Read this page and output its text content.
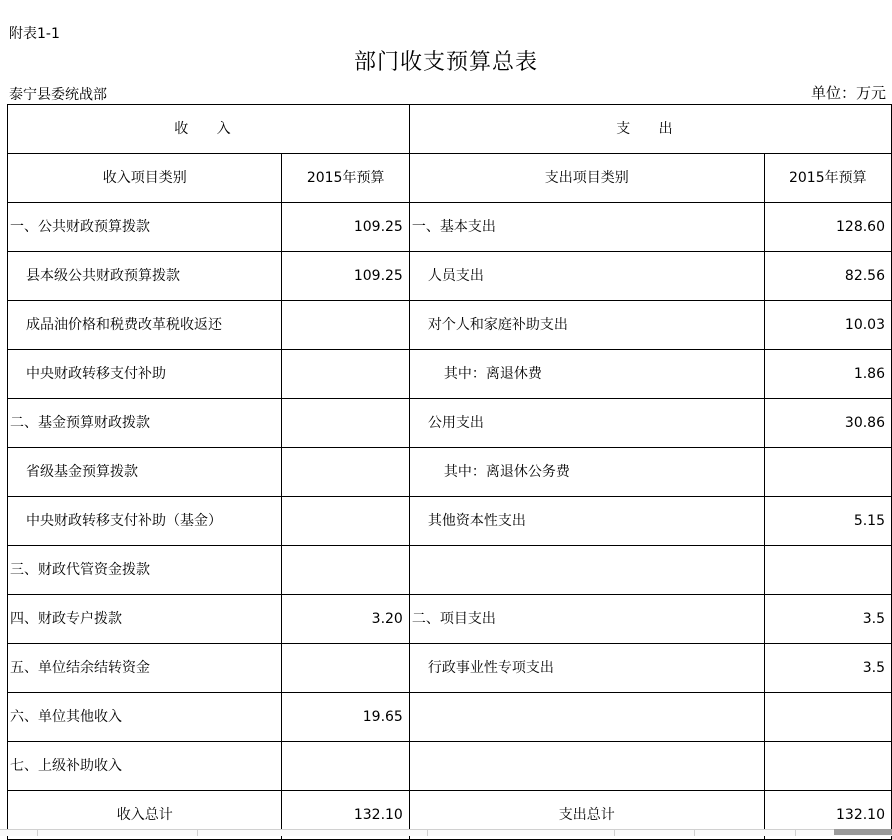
附表1-1
部门收支预算总表
泰宁县委统战部	单位：万元
收 入		支 出	
收入项目类别	2015年预算	支出项目类别	2015年预算
一、公共财政预算拨款	109.25	一、基本支出	128.60
县本级公共财政预算拨款	109.25	人员支出	82.56
成品油价格和税费改革税收返还		对个人和家庭补助支出	10.03
中央财政转移支付补助		其中：离退休费	1.86
二、基金预算财政拨款		公用支出	30.86
省级基金预算拨款		其中：离退休公务费	
中央财政转移支付补助（基金）		其他资本性支出	5.15
三、财政代管资金拨款			
四、财政专户拨款	3.20	二、项目支出	3.5
五、单位结余结转资金		行政事业性专项支出	3.5
六、单位其他收入	19.65		
七、上级补助收入			
收入总计	132.10	支出总计	132.10
